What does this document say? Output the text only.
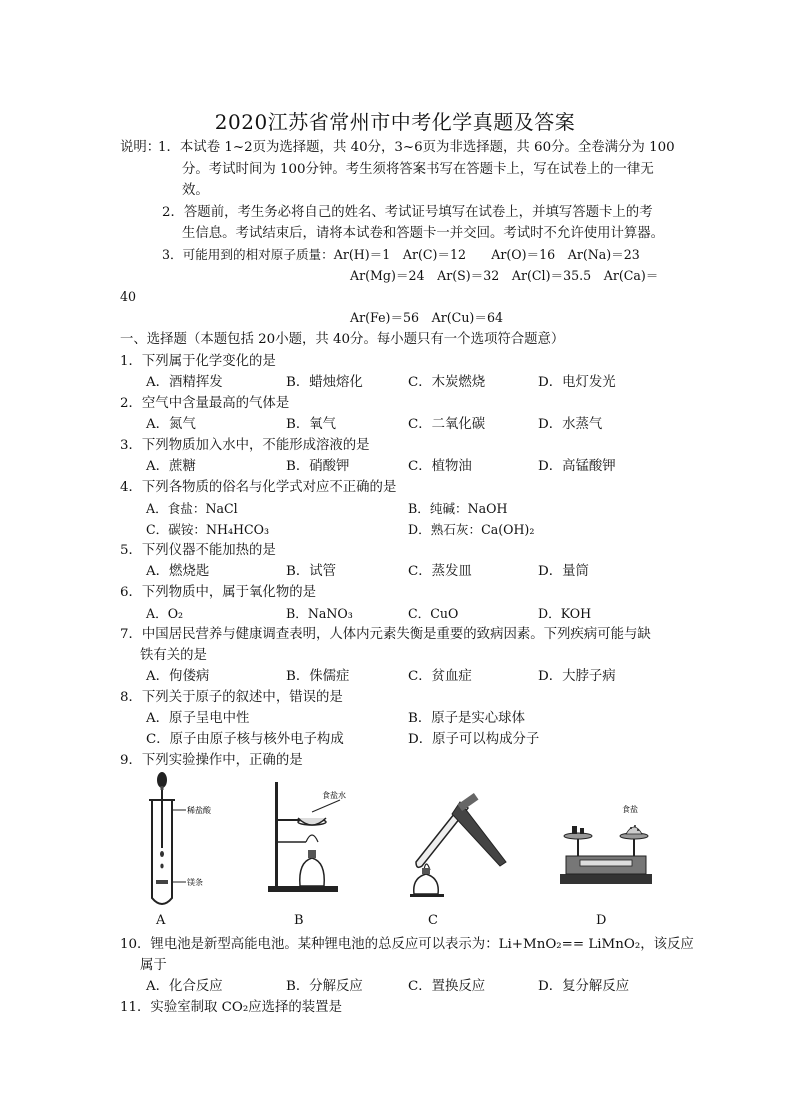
2020江苏省常州市中考化学真题及答案
说明：
1．本试卷 1~2页为选择题，共 40分，3~6页为非选择题，共 60分。全卷满分为 100
分。考试时间为 100分钟。考生须将答案书写在答题卡上，写在试卷上的一律无
效。
2．答题前，考生务必将自己的姓名、考试证号填写在试卷上，并填写答题卡上的考
生信息。考试结束后，请将本试卷和答题卡一并交回。考试时不允许使用计算器。
3．可能用到的相对原子质量：Ar(H)＝1　Ar(C)＝12　　Ar(O)＝16　Ar(Na)＝23
Ar(Mg)＝24　Ar(S)＝32　Ar(Cl)＝35.5　Ar(Ca)＝
40
Ar(Fe)＝56　Ar(Cu)＝64
一、选择题（本题包括 20小题，共 40分。每小题只有一个选项符合题意）
1．下列属于化学变化的是
A．酒精挥发	B．蜡烛熔化	C．木炭燃烧	D．电灯发光
2．空气中含量最高的气体是
A．氮气	B．氧气	C．二氧化碳	D．水蒸气
3．下列物质加入水中，不能形成溶液的是
A．蔗糖	B．硝酸钾	C．植物油	D．高锰酸钾
4．下列各物质的俗名与化学式对应不正确的是
A．食盐：NaCl	B．纯碱：NaOH
C．碳铵：NH₄HCO₃	D．熟石灰：Ca(OH)₂
5．下列仪器不能加热的是
A．燃烧匙	B．试管	C．蒸发皿	D．量筒
6．下列物质中，属于氧化物的是
A．O₂	B．NaNO₃	C．CuO	D．KOH
7．中国居民营养与健康调查表明，人体内元素失衡是重要的致病因素。下列疾病可能与缺
铁有关的是
A．佝偻病	B．侏儒症	C．贫血症	D．大脖子病
8．下列关于原子的叙述中，错误的是
A．原子呈电中性	B．原子是实心球体
C．原子由原子核与核外电子构成	D．原子可以构成分子
9．下列实验操作中，正确的是
稀盐酸
镁条
食盐水
食盐
A	B	C	D
10．锂电池是新型高能电池。某种锂电池的总反应可以表示为：Li+MnO₂== LiMnO₂，该反应
属于
A．化合反应	B．分解反应	C．置换反应	D．复分解反应
11．实验室制取 CO₂应选择的装置是
